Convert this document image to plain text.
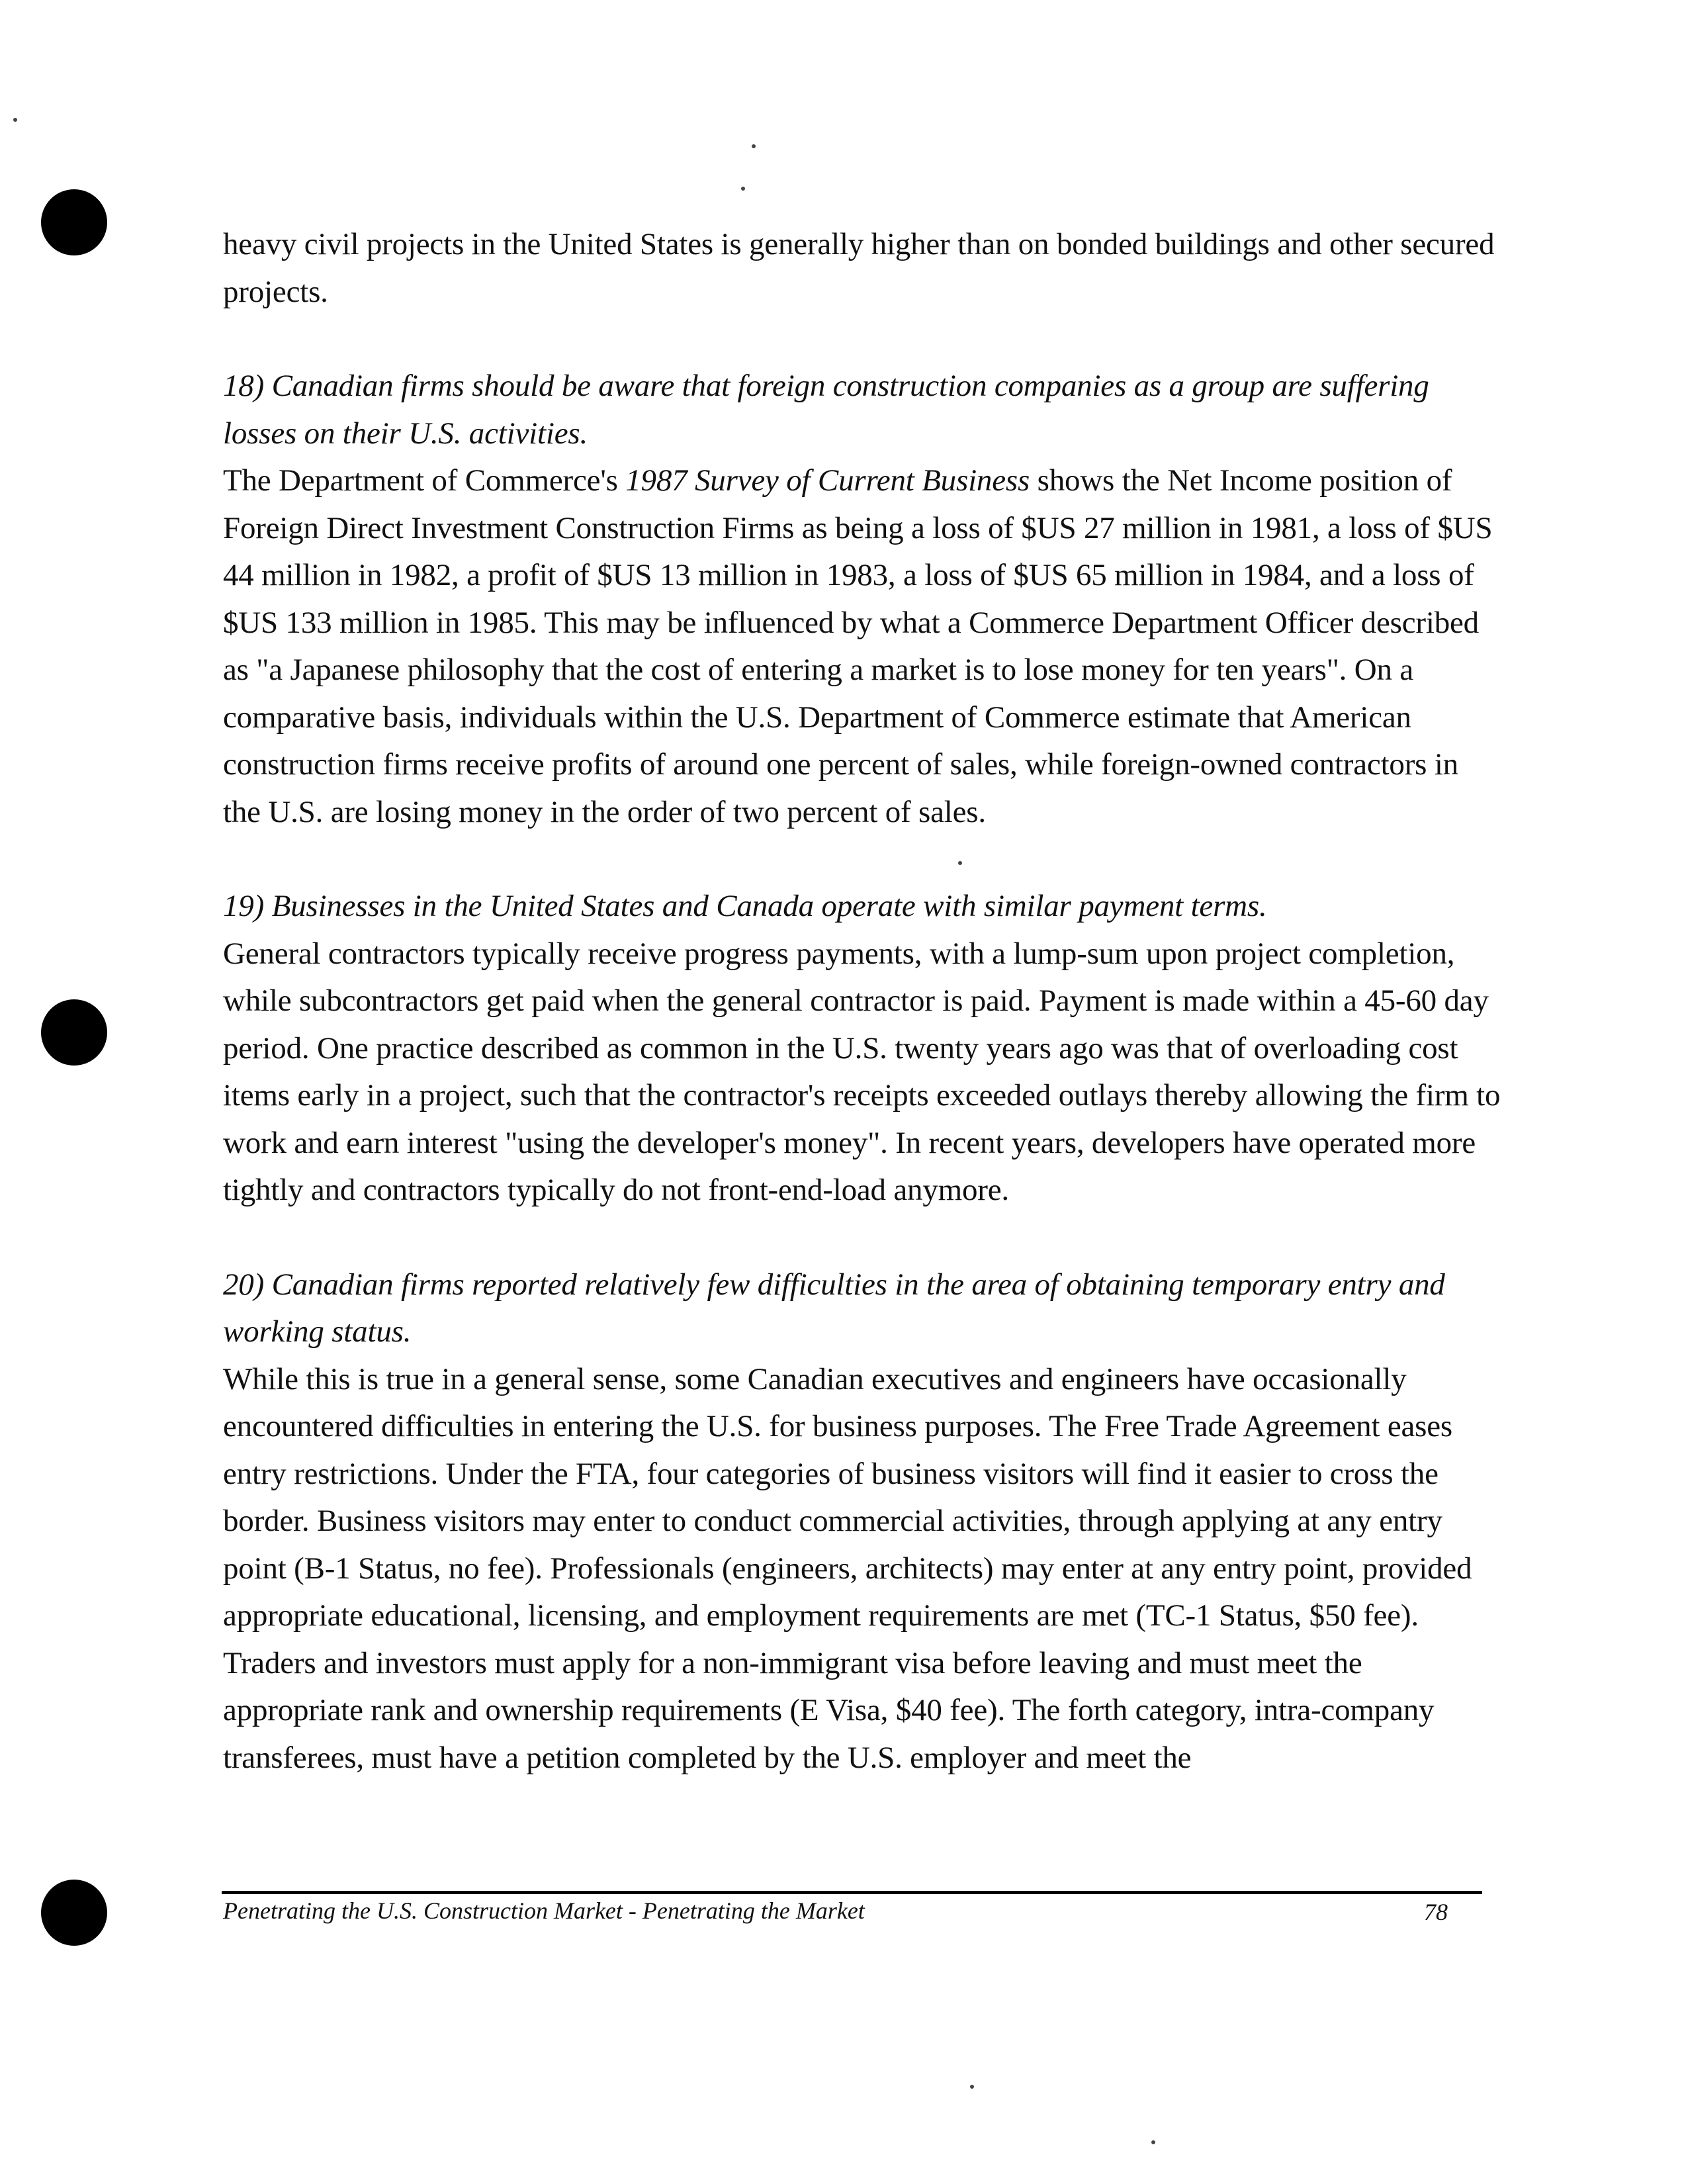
heavy civil projects in the United States is generally higher than on bonded buildings and other secured projects.

18) Canadian firms should be aware that foreign construction companies as a group are suffering losses on their U.S. activities.

The Department of Commerce's 1987 Survey of Current Business shows the Net Income position of Foreign Direct Investment Construction Firms as being a loss of $US 27 million in 1981, a loss of $US 44 million in 1982, a profit of $US 13 million in 1983, a loss of $US 65 million in 1984, and a loss of $US 133 million in 1985. This may be influenced by what a Commerce Department Officer described as "a Japanese philosophy that the cost of entering a market is to lose money for ten years". On a comparative basis, individuals within the U.S. Department of Commerce estimate that American construction firms receive profits of around one percent of sales, while foreign-owned contractors in the U.S. are losing money in the order of two percent of sales.

19) Businesses in the United States and Canada operate with similar payment terms.

General contractors typically receive progress payments, with a lump-sum upon project completion, while subcontractors get paid when the general contractor is paid. Payment is made within a 45-60 day period. One practice described as common in the U.S. twenty years ago was that of overloading cost items early in a project, such that the contractor's receipts exceeded outlays thereby allowing the firm to work and earn interest "using the developer's money". In recent years, developers have operated more tightly and contractors typically do not front-end-load anymore.

20) Canadian firms reported relatively few difficulties in the area of obtaining temporary entry and working status.

While this is true in a general sense, some Canadian executives and engineers have occasionally encountered difficulties in entering the U.S. for business purposes. The Free Trade Agreement eases entry restrictions. Under the FTA, four categories of business visitors will find it easier to cross the border. Business visitors may enter to conduct commercial activities, through applying at any entry point (B-1 Status, no fee). Professionals (engineers, architects) may enter at any entry point, provided appropriate educational, licensing, and employment requirements are met (TC-1 Status, $50 fee). Traders and investors must apply for a non-immigrant visa before leaving and must meet the appropriate rank and ownership requirements (E Visa, $40 fee). The forth category, intra-company transferees, must have a petition completed by the U.S. employer and meet the

Penetrating the U.S. Construction Market - Penetrating the Market	78
